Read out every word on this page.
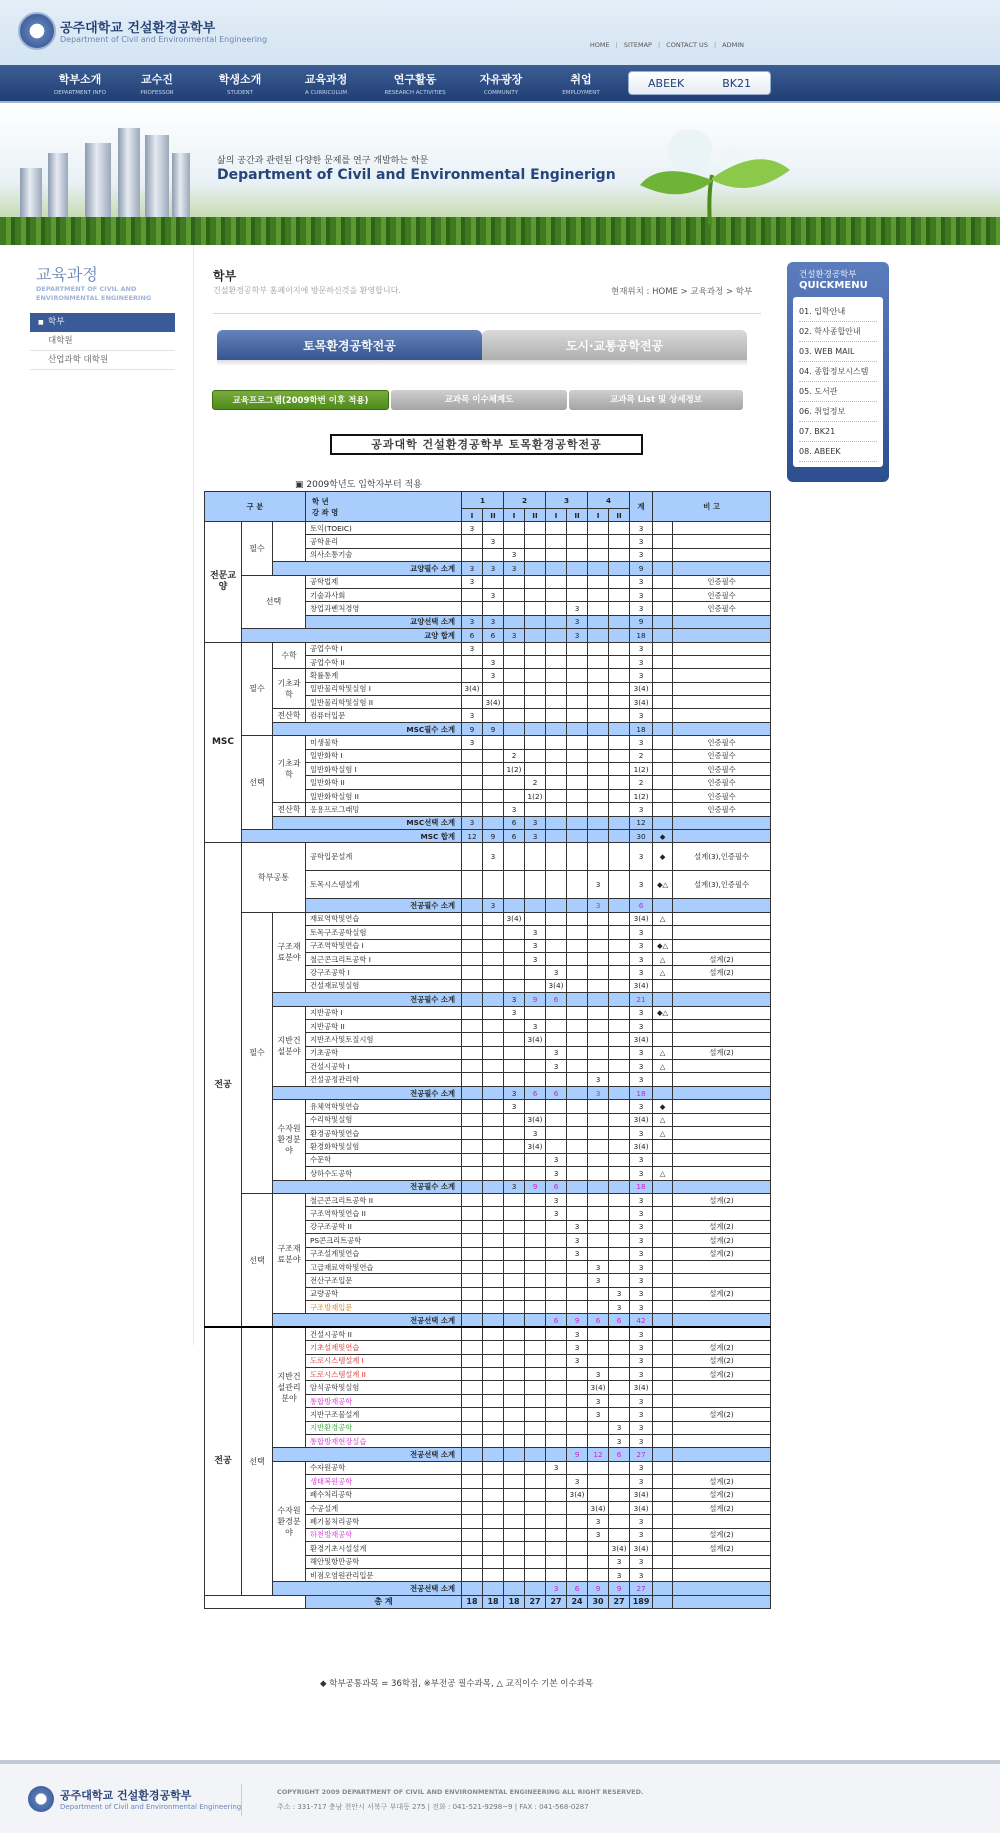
공주대학교 건설환경공학부
Department of Civil and Environmental Engineering
HOME | SITEMAP | CONTACT US | ADMIN
학부소개
DEPARTMENT INFO
교수진
PROFESSOR
학생소개
STUDENT
교육과정
A CURRICULUM
연구활동
RESEARCH ACTIVITIES
자유광장
COMMUNITY
취업
EMPLOYMENT
ABEEK	BK21
삶의 공간과 관련된 다양한 문제를 연구 개발하는 학문
Department of Civil and Environmental Enginerign
교육과정
DEPARTMENT OF CIVIL AND ENVIRONMENTAL ENGINEERING
■ 학부
대학원
산업과학 대학원
학부
건설환경공학부 홈페이지에 방문하신것을 환영합니다.	현재위치 : HOME > 교육과정 > 학부
토목환경공학전공	도시·교통공학전공
교육프로그램(2009학번 이후 적용)	교과목 이수체계도	교과목 List 및 상세정보
공과대학 건설환경공학부 토목환경공학전공
▣ 2009학년도 입학자부터 적용
구 분			학 년
강 좌 명	1		2		3		4		계	비 고	
				I	II	I	II	I	II	I	II			
전문교양	필수		토익(TOEIC)	3								3		
			공학윤리		3							3		
			의사소통기술			3						3		
		교양필수 소계		3	3	3						9		
	선택		공학법제	3								3		인증필수
			기술과사회		3							3		인증필수
			창업과벤처경영						3			3		인증필수
			교양선택 소계	3	3				3			9		
	교양 합계			6	6	3			3			18		
MSC	필수	수학	공업수학 I	3								3		
			공업수학 II		3							3		
		기초과학	확률통계		3							3		
			일반물리학및실험 I	3(4)								3(4)		
			일반물리학및실험 II		3(4)							3(4)		
		전산학	컴퓨터입문	3								3		
		MSC필수 소계		9	9							18		
	선택	기초과학	미생물학	3								3		인증필수
			일반화학 I			2						2		인증필수
			일반화학실험 I			1(2)						1(2)		인증필수
			일반화학 II				2					2		인증필수
			일반화학실험 II				1(2)					1(2)		인증필수
		전산학	응용프로그래밍			3						3		인증필수
		MSC선택 소계		3		6	3					12		
	MSC 합계			12	9	6	3					30	◆	
전공	학부공통		공학입문설계		3							3	◆	설계(3),인증필수
			토목시스템설계							3		3	◆△	설계(3),인증필수
			전공필수 소계		3					3		6		
	필수	구조재료분야	재료역학및연습			3(4)						3(4)	△	
			토목구조공학실험				3					3		
			구조역학및연습 I				3					3	◆△	
			철근콘크리트공학 I				3					3	△	설계(2)
			강구조공학 I					3				3	△	설계(2)
			건설재료및실험					3(4)				3(4)		
		전공필수 소계				3	9	6				21		
		지반건설분야	지반공학 I			3						3	◆△	
			지반공학 II				3					3		
			지반조사및토질시험				3(4)					3(4)		
			기초공학					3				3	△	설계(2)
			건설시공학 I					3				3	△	
			건설공정관리학							3		3		
		전공필수 소계				3	6	6		3		18		
		수자원환경분야	유체역학및연습			3						3	◆	
			수리학및실험				3(4)					3(4)	△	
			환경공학및연습				3					3	△	
			환경화학및실험				3(4)					3(4)		
			수문학					3				3		
			상하수도공학					3				3	△	
		전공필수 소계				3	9	6				18		
	선택	구조재료분야	철근콘크리트공학 II					3				3		설계(2)
			구조역학및연습 II					3				3		
			강구조공학 II						3			3		설계(2)
			PS콘크리트공학						3			3		설계(2)
			구조설계및연습						3			3		설계(2)
			고급재료역학및연습							3		3		
			전산구조입문							3		3		
			교량공학								3	3		설계(2)
			구조방재입문								3	3		
		전공선택 소계						6	9	6	6	42		
전공	선택	지반건설관리분야	건설시공학 II						3			3		
			기초설계및연습						3			3		설계(2)
			도로시스템설계 I						3			3		설계(2)
			도로시스템설계 II							3		3		설계(2)
			암석공학및실험							3(4)		3(4)		
			통합방재공학							3		3		
			지반구조물설계							3		3		설계(2)
			지반환경공학								3	3		
			통합방재현장실습								3	3		
		전공선택 소계							9	12	6	27		
		수자원환경분야	수자원공학					3				3		
			생태복원공학						3			3		설계(2)
			폐수처리공학						3(4)			3(4)		설계(2)
			수공설계							3(4)		3(4)		설계(2)
			폐기물처리공학							3		3		
			하천방재공학							3		3		설계(2)
			환경기초시설설계								3(4)	3(4)		설계(2)
			해안및항만공학								3	3		
			비점오염원관리입문								3	3		
		전공선택 소계						3	6	9	9	27		
			총 계	18	18	18	27	27	24	30	27	189		
◆ 학부공통과목 = 36학점, ※부전공 필수과목, △ 교직이수 기본 이수과목
건설환경공학부
QUICKMENU
01. 입학안내
02. 학사종합안내
03. WEB MAIL
04. 종합정보시스템
05. 도서관
06. 취업정보
07. BK21
08. ABEEK
공주대학교 건설환경공학부
Department of Civil and Environmental Engineering
COPYRIGHT 2009 DEPARTMENT OF CIVIL AND ENVIRONMENTAL ENGINEERING ALL RIGHT RESERVED.
주소 : 331-717 충남 천안시 서북구 부대동 275 | 전화 : 041-521-9298~9 | FAX : 041-568-0287
